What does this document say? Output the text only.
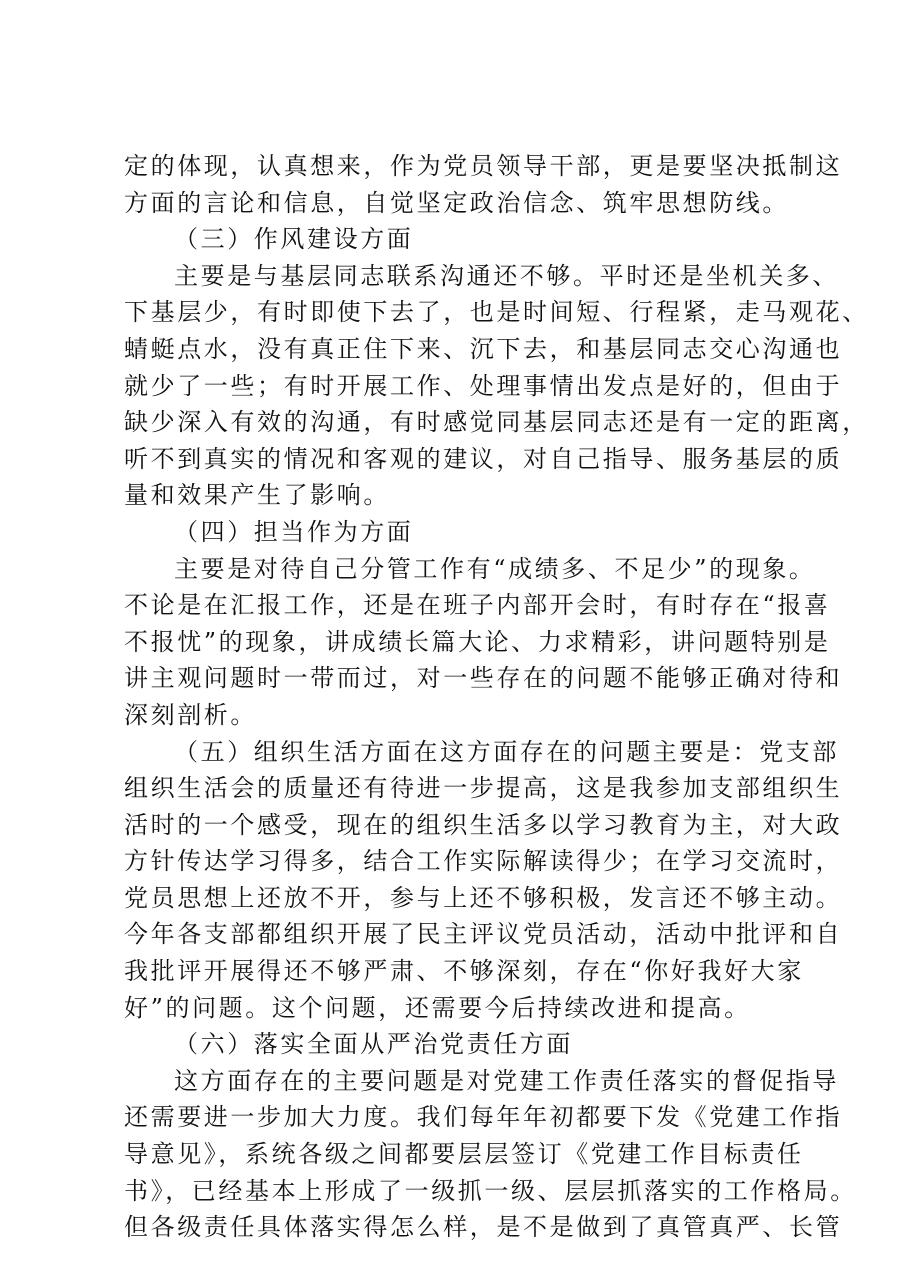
定的体现，认真想来，作为党员领导干部，更是要坚决抵制这
方面的言论和信息，自觉坚定政治信念、筑牢思想防线。
（三）作风建设方面
主要是与基层同志联系沟通还不够。平时还是坐机关多、
下基层少，有时即使下去了，也是时间短、行程紧，走马观花、
蜻蜓点水，没有真正住下来、沉下去，和基层同志交心沟通也
就少了一些；有时开展工作、处理事情出发点是好的，但由于
缺少深入有效的沟通，有时感觉同基层同志还是有一定的距离，
听不到真实的情况和客观的建议，对自己指导、服务基层的质
量和效果产生了影响。
（四）担当作为方面
主要是对待自己分管工作有“成绩多、不足少”的现象。
不论是在汇报工作，还是在班子内部开会时，有时存在“报喜
不报忧”的现象，讲成绩长篇大论、力求精彩，讲问题特别是
讲主观问题时一带而过，对一些存在的问题不能够正确对待和
深刻剖析。
（五）组织生活方面在这方面存在的问题主要是：党支部
组织生活会的质量还有待进一步提高，这是我参加支部组织生
活时的一个感受，现在的组织生活多以学习教育为主，对大政
方针传达学习得多，结合工作实际解读得少；在学习交流时，
党员思想上还放不开，参与上还不够积极，发言还不够主动。
今年各支部都组织开展了民主评议党员活动，活动中批评和自
我批评开展得还不够严肃、不够深刻，存在“你好我好大家
好”的问题。这个问题，还需要今后持续改进和提高。
（六）落实全面从严治党责任方面
这方面存在的主要问题是对党建工作责任落实的督促指导
还需要进一步加大力度。我们每年年初都要下发《党建工作指
导意见》，系统各级之间都要层层签订《党建工作目标责任
书》，已经基本上形成了一级抓一级、层层抓落实的工作格局。
但各级责任具体落实得怎么样，是不是做到了真管真严、长管
